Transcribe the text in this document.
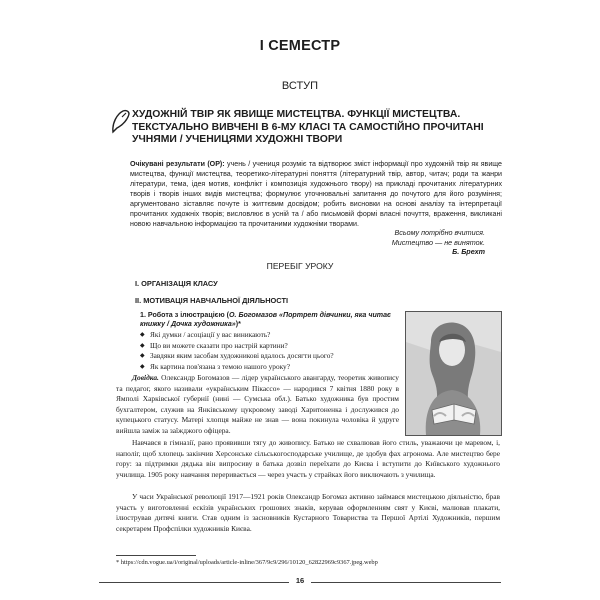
І СЕМЕСТР
ВСТУП
ХУДОЖНІЙ ТВІР ЯК ЯВИЩЕ МИСТЕЦТВА. ФУНКЦІЇ МИСТЕЦТВА. ТЕКСТУАЛЬНО ВИВЧЕНІ В 6-МУ КЛАСІ ТА САМОСТІЙНО ПРОЧИТАНІ УЧНЯМИ / УЧЕНИЦЯМИ ХУДОЖНІ ТВОРИ
Очікувані результати (ОР): учень / учениця розуміє та відтворює зміст інформації про художній твір як явище мистецтва, функції мистецтва, теоретико-літературні поняття (літературний твір, автор, читач; роди та жанри літератури, тема, ідея мотив, конфлікт і композиція художнього твору) на прикладі прочитаних літературних творів і творів інших видів мистецтва; формулює уточнювальні запитання до почутого для його розуміння; аргументовано зіставляє почуте із життєвим досвідом; робить висновки на основі аналізу та інтерпретації прочитаних художніх творів; висловлює в усній та / або письмовій формі власні почуття, враження, викликані новою навчальною інформацією та прочитаними художніми творами.
Всьому потрібно вчитися.
Мистецтво — не виняток.
Б. Брехт
ПЕРЕБІГ УРОКУ
І. ОРГАНІЗАЦІЯ КЛАСУ
ІІ. МОТИВАЦІЯ НАВЧАЛЬНОЇ ДІЯЛЬНОСТІ
1. Робота з ілюстрацією (О. Богомазов «Портрет дівчинки, яка читає книжку / Дочка художника»)*
◆ Які думки / асоціації у вас виникають?
◆ Що ви можете сказати про настрій картини?
◆ Завдяки яким засобам художникові вдалось досягти цього?
◆ Як картина пов'язана з темою нашого уроку?
Довідка. Олександр Богомазов — лідер українського авангарду, теоретик живопису та педагог, якого називали «українським Пікассо» — народився 7 квітня 1880 року в Ямполі Харківської губернії (нині — Сумська обл.). Батько художника був простим бухгалтером, служив на Янківському цукровому заводі Харитоненка і дослужився до купецького статусу. Матері хлопця майже не знав — вона покинула чоловіка й удруге вийшла заміж за заїжджого офіцера.
Навчався в гімназії, рано проявивши тягу до живопису. Батько не схвалював його стиль, уважаючи це маревом, і, наполіг, щоб хлопець закінчив Херсонське сільськогосподарське училище, де здобув фах агронома. Але мистецтво бере гору: за підтримки дядька він випросиву в батька дозвіл переїхати до Києва і вступити до Київського художнього училища. 1905 року навчання переривається — через участь у страйках його виключають з училища.
У часи Української революції 1917—1921 років Олександр Богомаз активно займався мистецькою діяльністю, брав участь у виготовленні ескізів українських грошових знаків, керував оформленням свят у Києві, малював плакати, ілюстрував дитячі книги. Став одним із засновників Кустарного Товариства та Першої Артілі Художників, першим секретарем Профспілки художників Києва.
* https://cdn.vogue.ua/i/original/uploads/article-inline/367/9c9/296/10120_62822969c9367.jpeg.webp
16
